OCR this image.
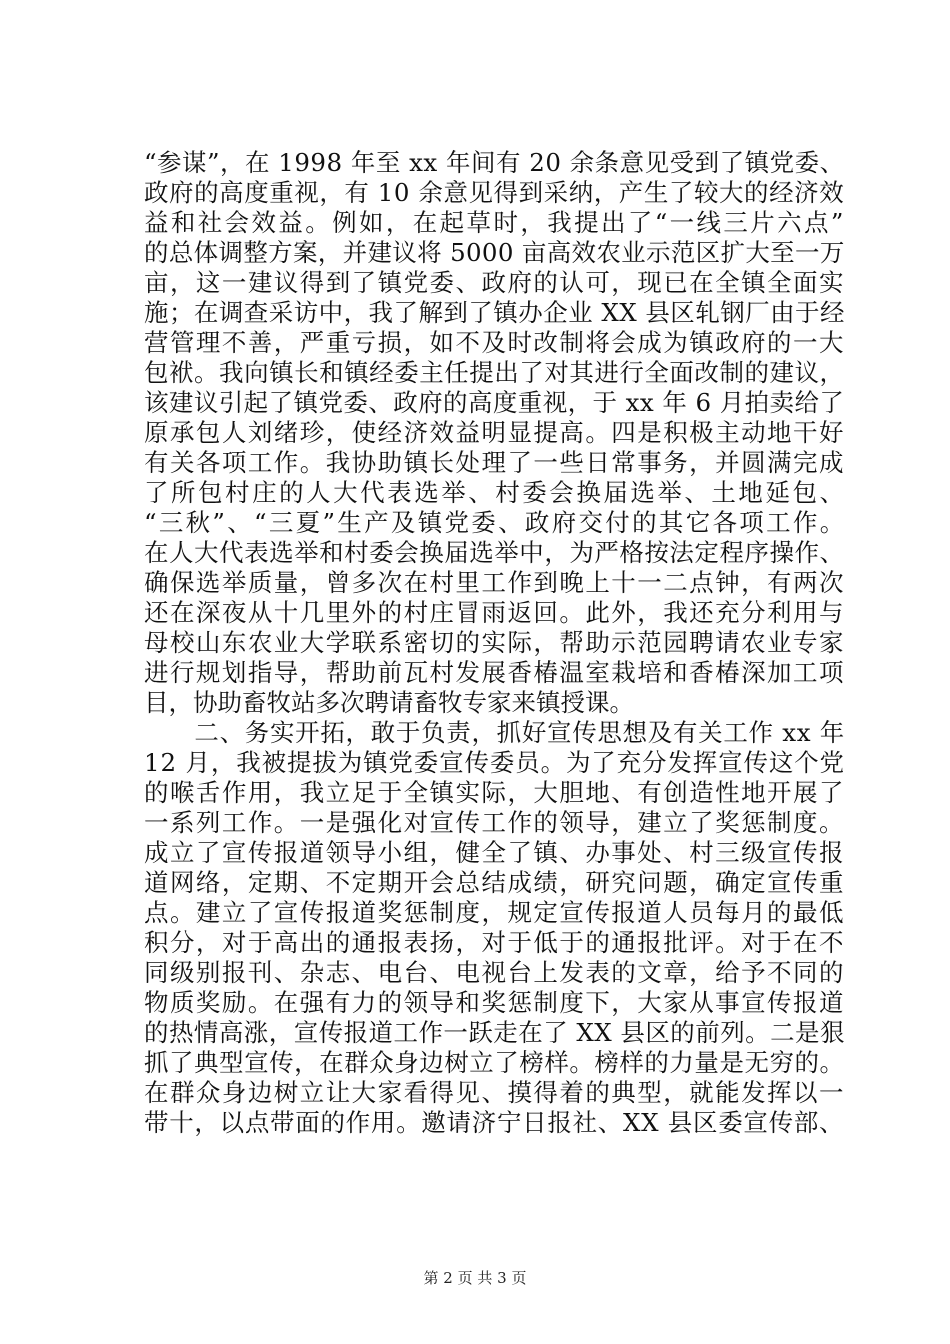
“参谋”，在 1998 年至 xx 年间有 20 余条意见受到了镇党委、
政府的高度重视，有 10 余意见得到采纳，产生了较大的经济效
益和社会效益。例如，在起草时，我提出了“一线三片六点”
的总体调整方案，并建议将 5000 亩高效农业示范区扩大至一万
亩，这一建议得到了镇党委、政府的认可，现已在全镇全面实
施；在调查采访中，我了解到了镇办企业 XX 县区轧钢厂由于经
营管理不善，严重亏损，如不及时改制将会成为镇政府的一大
包袱。我向镇长和镇经委主任提出了对其进行全面改制的建议，
该建议引起了镇党委、政府的高度重视，于 xx 年 6 月拍卖给了
原承包人刘绪珍，使经济效益明显提高。四是积极主动地干好
有关各项工作。我协助镇长处理了一些日常事务，并圆满完成
了所包村庄的人大代表选举、村委会换届选举、土地延包、
“三秋”、“三夏”生产及镇党委、政府交付的其它各项工作。
在人大代表选举和村委会换届选举中，为严格按法定程序操作、
确保选举质量，曾多次在村里工作到晚上十一二点钟，有两次
还在深夜从十几里外的村庄冒雨返回。此外，我还充分利用与
母校山东农业大学联系密切的实际，帮助示范园聘请农业专家
进行规划指导，帮助前瓦村发展香椿温室栽培和香椿深加工项
目，协助畜牧站多次聘请畜牧专家来镇授课。
　　二、务实开拓，敢于负责，抓好宣传思想及有关工作 xx 年
12 月，我被提拔为镇党委宣传委员。为了充分发挥宣传这个党
的喉舌作用，我立足于全镇实际，大胆地、有创造性地开展了
一系列工作。一是强化对宣传工作的领导，建立了奖惩制度。
成立了宣传报道领导小组，健全了镇、办事处、村三级宣传报
道网络，定期、不定期开会总结成绩，研究问题，确定宣传重
点。建立了宣传报道奖惩制度，规定宣传报道人员每月的最低
积分，对于高出的通报表扬，对于低于的通报批评。对于在不
同级别报刊、杂志、电台、电视台上发表的文章，给予不同的
物质奖励。在强有力的领导和奖惩制度下，大家从事宣传报道
的热情高涨，宣传报道工作一跃走在了 XX 县区的前列。二是狠
抓了典型宣传，在群众身边树立了榜样。榜样的力量是无穷的。
在群众身边树立让大家看得见、摸得着的典型，就能发挥以一
带十，以点带面的作用。邀请济宁日报社、XX 县区委宣传部、
第 2 页 共 3 页
